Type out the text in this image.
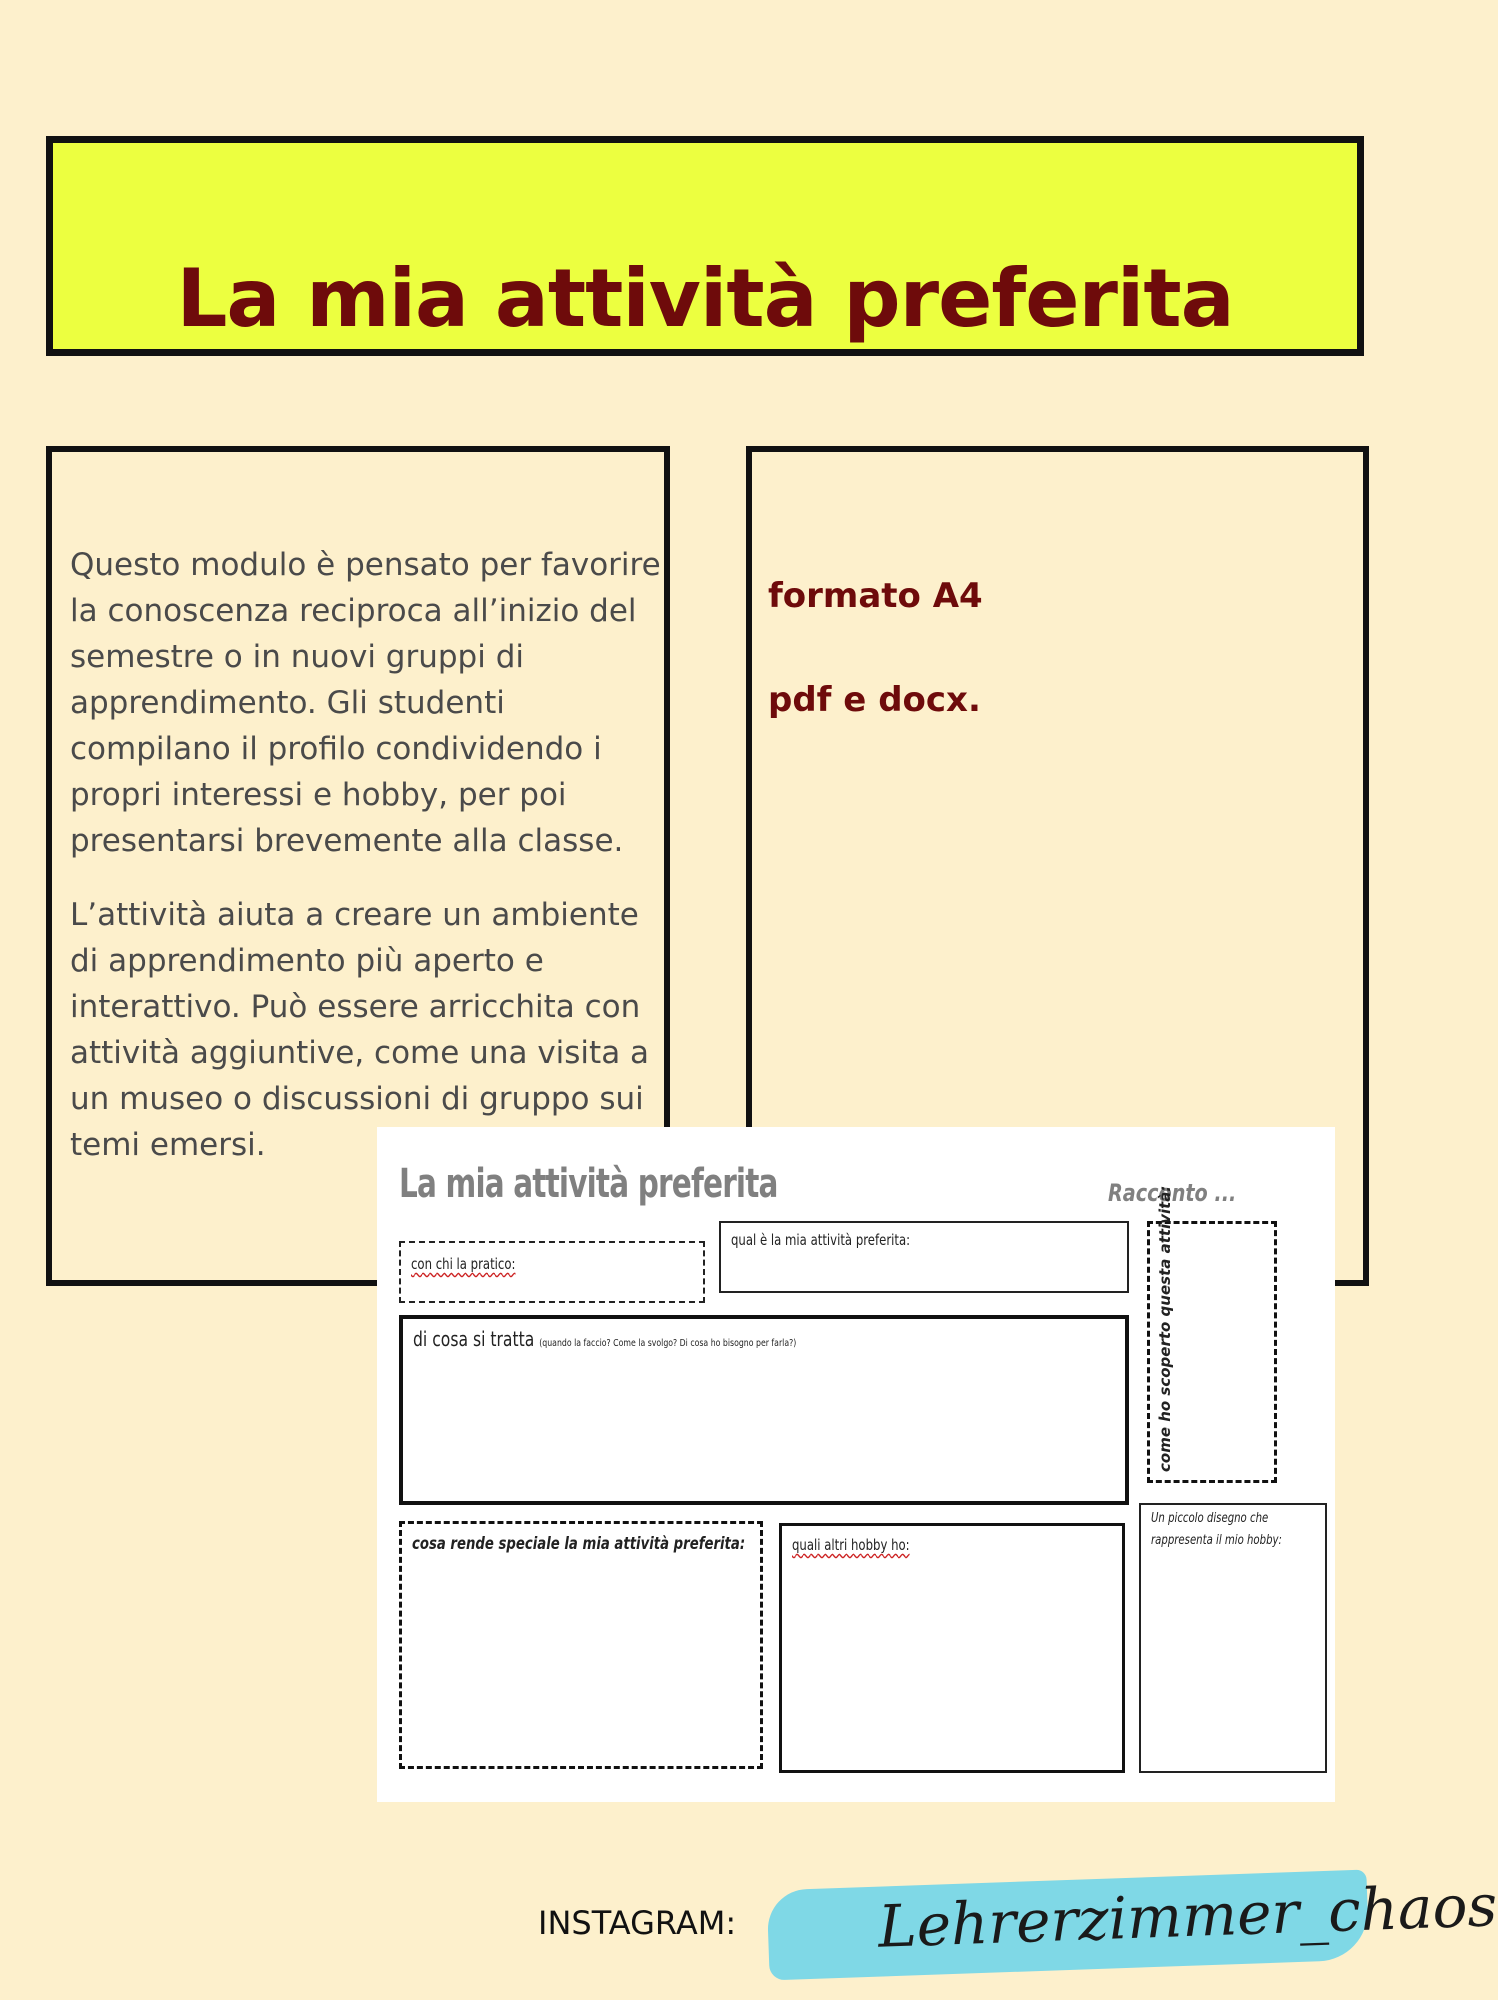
La mia attività preferita

Questo modulo è pensato per favorire la conoscenza reciproca all’inizio del semestre o in nuovi gruppi di apprendimento. Gli studenti compilano il profilo condividendo i propri interessi e hobby, per poi presentarsi brevemente alla classe.

L’attività aiuta a creare un ambiente di apprendimento più aperto e interattivo. Può essere arricchita con attività aggiuntive, come una visita a un museo o discussioni di gruppo sui temi emersi.

formato A4
pdf e docx.
La mia attività preferita	Racconto ...
con chi la pratico:
qual è la mia attività preferita:
di cosa si tratta (quando la faccio? Come la svolgo? Di cosa ho bisogno per farla?)	come ho scoperto questa attività:
cosa rende speciale la mia attività preferita:	quali altri hobby ho:
Un piccolo disegno che
rappresenta il mio hobby:
INSTAGRAM: Lehrerzimmer_chaos
